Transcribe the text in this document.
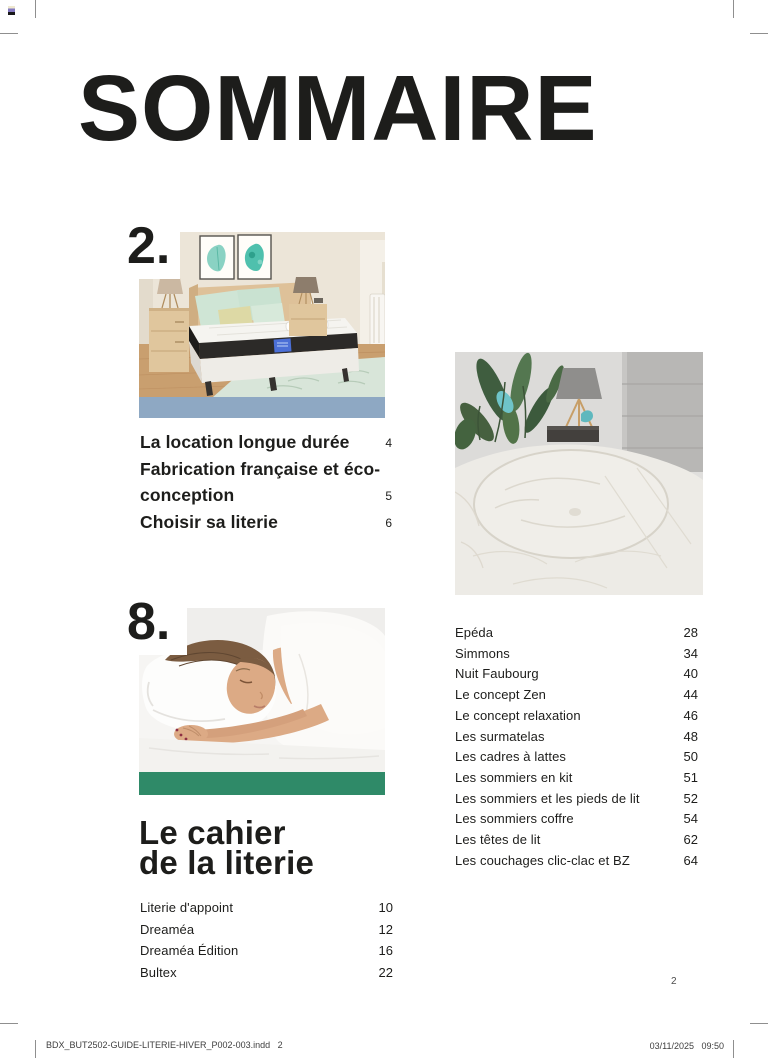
SOMMAIRE
2.
La location longue durée	4
Fabrication française et éco-conception	5
Choisir sa literie	6
8.
Le cahier
de la literie
Literie d'appoint	10
Dreaméa	12
Dreaméa Édition	16
Bultex	22
Epéda	28
Simmons	34
Nuit Faubourg	40
Le concept Zen	44
Le concept relaxation	46
Les surmatelas	48
Les cadres à lattes	50
Les sommiers en kit	51
Les sommiers et les pieds de lit	52
Les sommiers coffre	54
Les têtes de lit	62
Les couchages clic-clac et BZ	64
2
BDX_BUT2502-GUIDE-LITERIE-HIVER_P002-003.indd   2	03/11/2025   09:50
